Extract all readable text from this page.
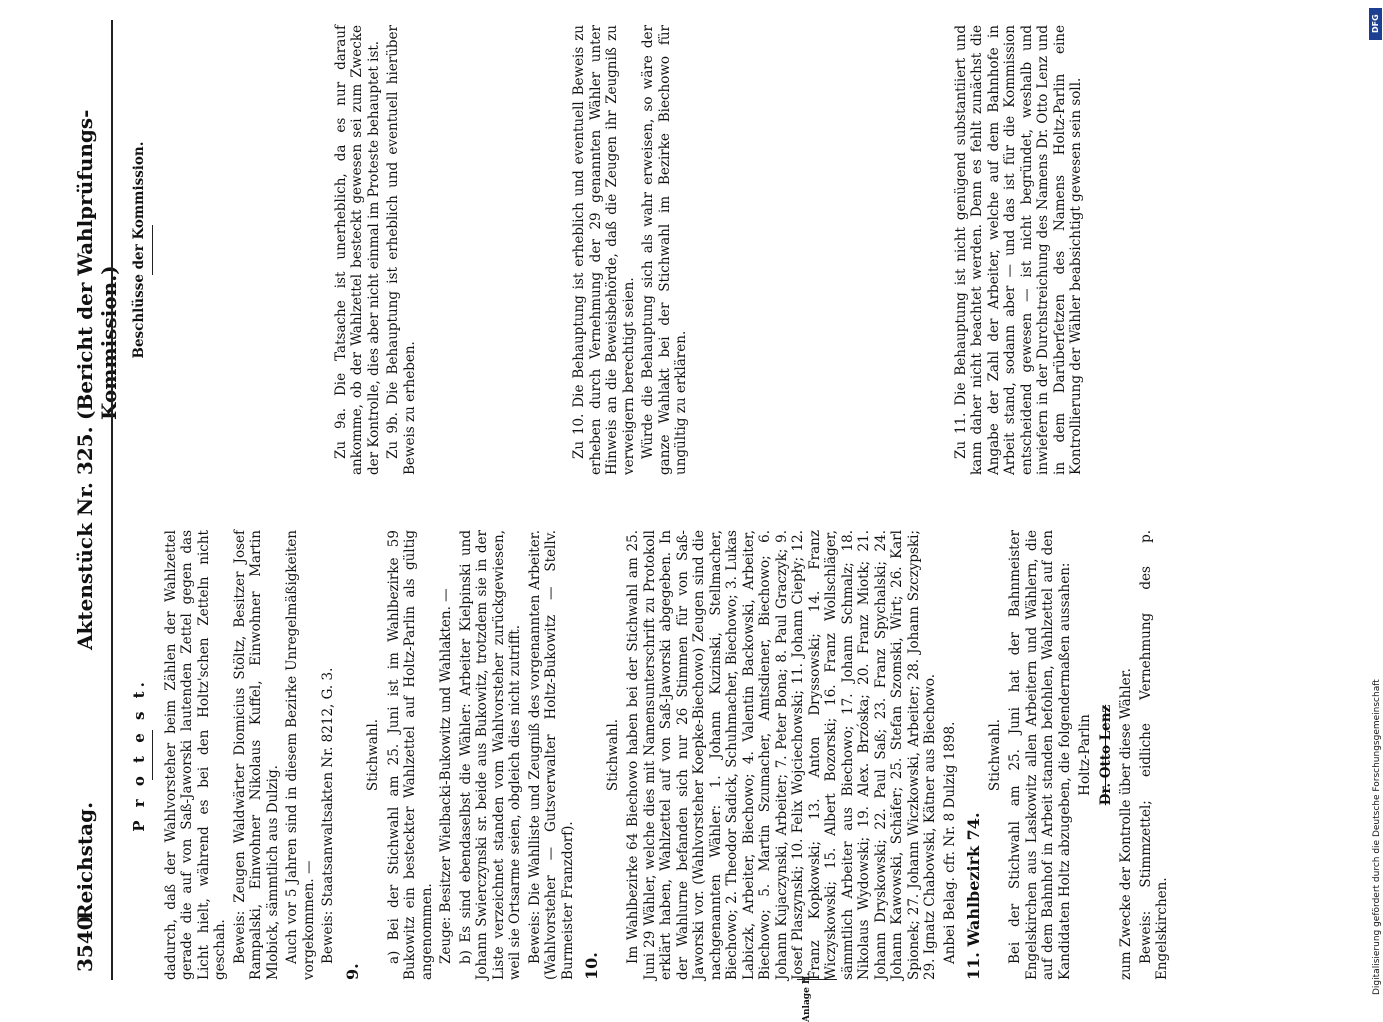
3540
Reichstag.
Aktenstück Nr. 325.
(Bericht der Wahlprüfungs-Kommission.)
Anlage II.

P r o t e s t. dadurch, daß der Wahlvorsteher beim Zählen der Wahlzettel gerade die auf von Saß-Jaworski lautenden Zettel gegen das Licht hielt, während es bei den Holtz'schen Zetteln nicht geschah. Beweis: Zeugen Waldwärter Diomicius Stöltz, Besitzer Josef Rampalski, Einwohner Nikolaus Kuffel, Einwohner Martin Mlobick, sämmtlich aus Dulzig. Auch vor 5 Jahren sind in diesem Bezirke Unregelmäßigkeiten vorgekommen. — Beweis: Staatsanwaltsakten Nr. 8212, G. 3.

9.

Stichwahl. a) Bei der Stichwahl am 25. Juni ist im Wahlbezirke 59 Bukowitz ein besteckter Wahlzettel auf Holtz-Parlin als gültig angenommen. Zeuge: Besitzer Wielbacki-Bukowitz und Wahlakten. — b) Es sind ebendaselbst die Wähler: Arbeiter Kielpinski und Johann Swierczynski sr. beide aus Bukowitz, trotzdem sie in der Liste verzeichnet standen vom Wahlvorsteher zurückgewiesen, weil sie Ortsarme seien, obgleich dies nicht zutrifft. Beweis: Die Wahlliste und Zeugniß des vorgenannten Arbeiter. (Wahlvorsteher — Gutsverwalter Holtz-Bukowitz — Stellv. Burmeister Franzdorf). 10.

Stichwahl. Im Wahlbezirke 64 Biechowo haben bei der Stichwahl am 25. Juni 29 Wähler, welche dies mit Namensunterschrift zu Protokoll erklärt haben, Wahlzettel auf von Saß-Jaworski abgegeben. In der Wahlurne befanden sich nur 26 Stimmen für von Saß-Jaworski vor. (Wahlvorsteher Koepke-Biechowo) Zeugen sind die nachgenannten Wähler: 1. Johann Kuzinski, Stellmacher, Biechowo; 2. Theodor Sadick, Schuhmacher, Biechowo; 3. Lukas Labiczk, Arbeiter, Biechowo; 4. Valentin Backowski, Arbeiter, Biechowo; 5. Martin Szumacher, Amtsdiener, Biechowo; 6. Johann Kujaczynski, Arbeiter; 7. Peter Bona; 8. Paul Graczyk; 9. Josef Plaszynski; 10. Felix Wojciechowski; 11. Johann Ciepły; 12. Franz Kopkowski; 13. Anton Dryssowski; 14. Franz Wiczyskowski; 15. Albert Bozorski; 16. Franz Wollschläger, sämmtlich Arbeiter aus Biechowo; 17. Johann Schmalz; 18. Nikolaus Wydowski; 19. Alex. Brzóska; 20. Franz Miotk; 21. Johann Dryskowski; 22. Paul Saß; 23. Franz Spychalski; 24. Johann Kawowski, Schäfer; 25. Stefan Szomski, Wirt; 26. Karl Spionek; 27. Johann Wiczkowski, Arbeiter; 28. Johann Szczypski; 29. Ignatz Chabowski, Kätner aus Biechowo. Anbei Belag. cfr. Nr. 8 Dulzig 1898. 11. Wahlbezirk 74.

Stichwahl. Bei der Stichwahl am 25. Juni hat der Bahnmeister Engelskirchen aus Laskowitz allen Arbeitern und Wählern, die auf dem Bahnhof in Arbeit standen befohlen, Wahlzettel auf den Kandidaten Holtz abzugeben, die folgendermaßen aussahen: Holtz-Parlin Dr. Otto Lenz zum Zwecke der Kontrolle über diese Wähler. Beweis: Stimmzettel; eidliche Vernehmung des p. Engelskirchen.

Beschlüsse der Kommission.	Zu 9a. Die Tatsache ist unerheblich, da es nur darauf ankomme, ob der Wahlzettel besteckt gewesen sei zum Zwecke der Kontrolle, dies aber nicht einmal im Proteste behauptet ist. Zu 9b. Die Behauptung ist erheblich und eventuell hierüber Beweis zu erheben.	Zu 10. Die Behauptung ist erheblich und eventuell Beweis zu erheben durch Vernehmung der 29 genannten Wähler unter Hinweis an die Beweisbehörde, daß die Zeugen ihr Zeugniß zu verweigern berechtigt seien. Würde die Behauptung sich als wahr erweisen, so wäre der ganze Wahlakt bei der Stichwahl im Bezirke Biechowo für ungültig zu erklären.	Zu 11. Die Behauptung ist nicht genügend substantiiert und kann daher nicht beachtet werden. Denn es fehlt zunächst die Angabe der Zahl der Arbeiter, welche auf dem Bahnhofe in Arbeit stand, sodann aber — und das ist für die Kommission entscheidend gewesen — ist nicht begründet, weshalb und inwiefern in der Durchstreichung des Namens Dr. Otto Lenz und in dem Darüberſetzen des Namens Holtz-Parlin eine Kontrollierung der Wähler beabsichtigt gewesen sein soll.

DFG
Digitalisierung gefördert durch die Deutsche Forschungsgemeinschaft
